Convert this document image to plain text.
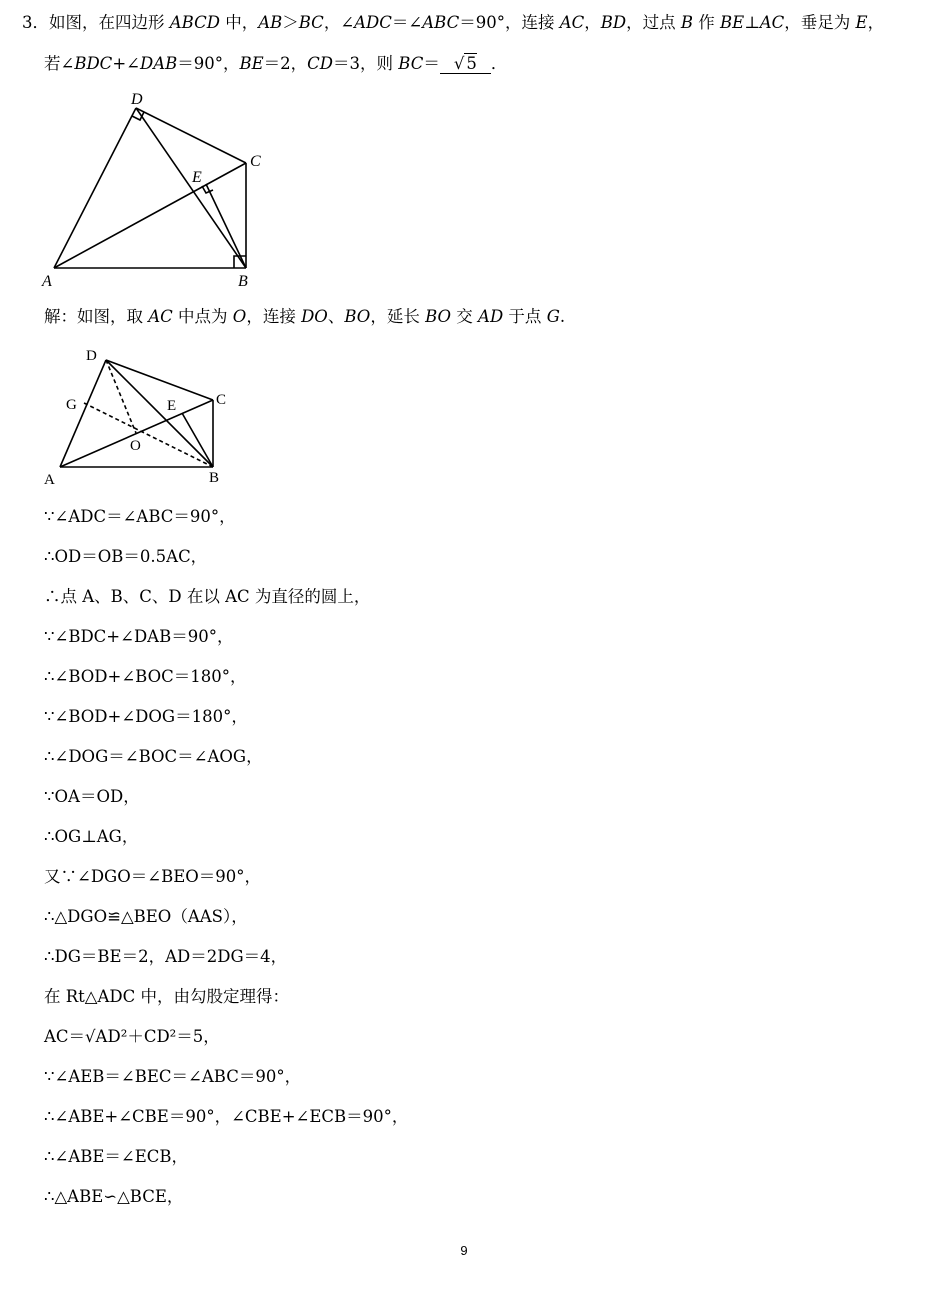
3．如图，在四边形 ABCD 中，AB＞BC，∠ADC＝∠ABC＝90°，连接 AC，BD，过点 B 作 BE⊥AC，垂足为 E，
若∠BDC+∠DAB＝90°，BE＝2，CD＝3，则 BC＝ √ 5 ．
D
C
E
A	B
解：如图，取 AC 中点为 O，连接 DO、BO，延长 BO 交 AD 于点 G.
D
C
G	E
O
A	B
∵∠ADC＝∠ABC＝90°，
∴OD＝OB＝0.5AC，
∴点 A、B、C、D 在以 AC 为直径的圆上，
∵∠BDC+∠DAB＝90°，
∴∠BOD+∠BOC＝180°，
∵∠BOD+∠DOG＝180°，
∴∠DOG＝∠BOC＝∠AOG，
∵OA＝OD，
∴OG⊥AG，
又∵∠DGO＝∠BEO＝90°，
∴△DGO≌△BEO（AAS），
∴DG＝BE＝2，AD＝2DG＝4，
在 Rt△ADC 中，由勾股定理得：
AC＝√AD²＋CD²＝5，
∵∠AEB＝∠BEC＝∠ABC＝90°，
∴∠ABE+∠CBE＝90°，∠CBE+∠ECB＝90°，
∴∠ABE＝∠ECB，
∴△ABE∽△BCE，
9
